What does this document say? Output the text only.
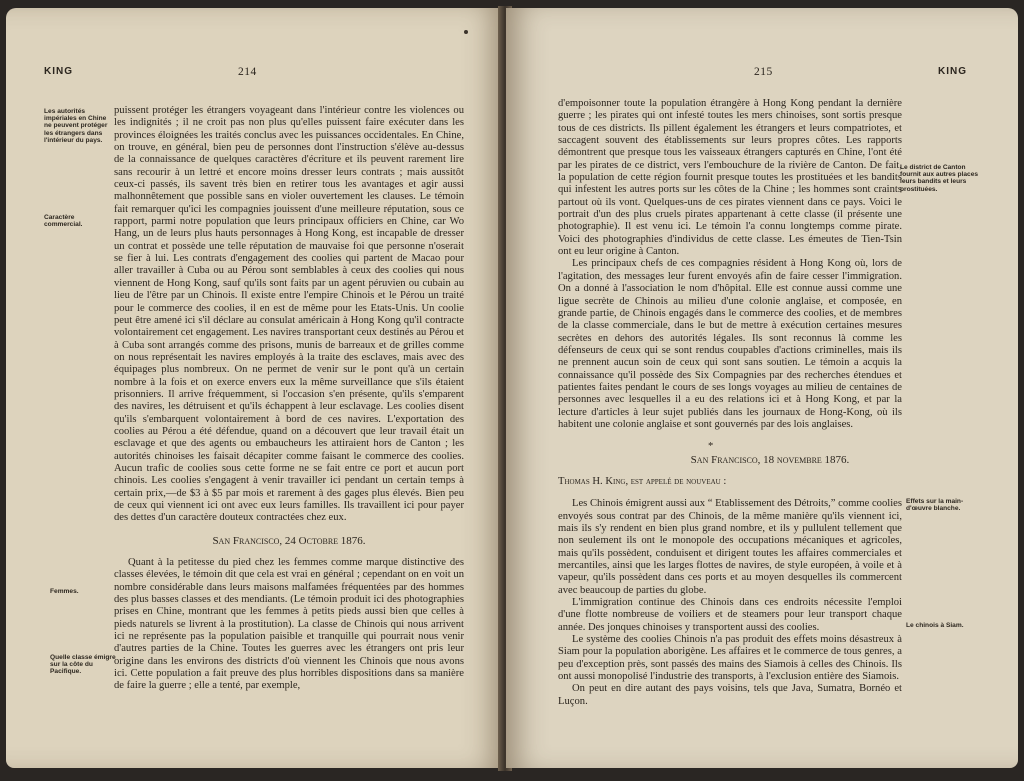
KING	214
Les autorités impériales en Chine ne peuvent protéger les étrangers dans l'intérieur du pays.
Caractère commercial.
Femmes.
Quelle classe émigre sur la côte du Pacifique.

puissent protéger les étrangers voyageant dans l'intérieur contre les violences ou les indignités ; il ne croit pas non plus qu'elles puissent faire exécuter dans les provinces éloignées les traités conclus avec les puissances occidentales. En Chine, on trouve, en général, bien peu de personnes dont l'instruction s'élève au-dessus de la connaissance de quelques caractères d'écriture et ils peuvent rarement lire sans recourir à un lettré et encore moins dresser leurs contrats ; mais aussitôt ceux-ci passés, ils savent très bien en retirer tous les avantages et agir aussi malhonnêtement que possible sans en violer ouvertement les clauses. Le témoin fait remarquer qu'ici les compagnies jouissent d'une meilleure réputation, sous ce rapport, parmi notre population que leurs principaux officiers en Chine, car Wo Hang, un de leurs plus hauts personnages à Hong Kong, est incapable de dresser un contrat et possède une telle réputation de mauvaise foi que personne n'oserait se fier à lui. Les contrats d'engagement des coolies qui partent de Macao pour aller travailler à Cuba ou au Pérou sont semblables à ceux des coolies qui nous viennent de Hong Kong, sauf qu'ils sont faits par un agent péruvien ou cubain au lieu de l'être par un Chinois. Il existe entre l'empire Chinois et le Pérou un traité pour le commerce des coolies, il en est de même pour les Etats-Unis. Un coolie peut être amené ici s'il déclare au consulat américain à Hong Kong qu'il contracte volontairement cet engagement. Les navires transportant ceux destinés au Pérou et à Cuba sont arrangés comme des prisons, munis de barreaux et de grilles comme on nous représentait les navires employés à la traite des esclaves, mais avec des équipages plus nombreux. On ne permet de venir sur le pont qu'à un certain nombre à la fois et on exerce envers eux la même surveillance que s'ils étaient prisonniers. Il arrive fréquemment, si l'occasion s'en présente, qu'ils s'emparent des navires, les détruisent et qu'ils échappent à leur esclavage. Les coolies disent qu'ils s'embarquent volontairement à bord de ces navires. L'exportation des coolies au Pérou a été défendue, quand on a découvert que leur travail était un esclavage et que des agents ou embaucheurs les attiraient hors de Canton ; les autorités chinoises les faisait décapiter comme faisant le commerce des coolies. Aucun trafic de coolies sous cette forme ne se fait entre ce port et aucun port chinois. Les coolies s'engagent à venir travailler ici pendant un certain temps à certain prix,—de $3 à $5 par mois et rarement à des gages plus élevés. Bien peu de ceux qui viennent ici ont avec eux leurs familles. Ils travaillent ici pour payer des dettes d'un caractère douteux contractées chez eux.

San Francisco, 24 Octobre 1876.

Quant à la petitesse du pied chez les femmes comme marque distinctive des classes élevées, le témoin dit que cela est vrai en général ; cependant on en voit un nombre considérable dans leurs maisons malfamées fréquentées par des hommes des plus basses classes et des mendiants. (Le témoin produit ici des photographies prises en Chine, montrant que les femmes à petits pieds aussi bien que celles à pieds naturels se livrent à la prostitution). La classe de Chinois qui nous arrivent ici ne représente pas la population paisible et tranquille qui pourrait nous venir d'autres parties de la Chine. Toutes les guerres avec les étrangers ont pris leur origine dans les environs des districts d'où viennent les Chinois que nous avons ici. Cette population a fait preuve des plus horribles dispositions dans sa manière de faire la guerre ; elle a tenté, par exemple,

215	KING
Le district de Canton fournit aux autres places leurs bandits et leurs prostituées.
Effets sur la main-d'œuvre blanche.
Le chinois à Siam.

d'empoisonner toute la population étrangère à Hong Kong pendant la dernière guerre ; les pirates qui ont infesté toutes les mers chinoises, sont sortis presque tous de ces districts. Ils pillent également les étrangers et leurs compatriotes, et saccagent souvent des établissements sur leurs propres côtes. Les rapports démontrent que presque tous les vaisseaux étrangers capturés en Chine, l'ont été par les pirates de ce district, vers l'embouchure de la rivière de Canton. De fait, la population de cette région fournit presque toutes les prostituées et les bandits qui infestent les autres ports sur les côtes de la Chine ; les hommes sont craints partout où ils vont. Quelques-uns de ces pirates viennent dans ce pays. Voici le portrait d'un des plus cruels pirates appartenant à cette classe (il présente une photographie). Il est venu ici. Le témoin l'a connu longtemps comme pirate. Voici des photographies d'individus de cette classe. Les émeutes de Tien-Tsin ont eu leur origine à Canton.

Les principaux chefs de ces compagnies résident à Hong Kong où, lors de l'agitation, des messages leur furent envoyés afin de faire cesser l'immigration. On a donné à l'association le nom d'hôpital. Elle est connue aussi comme une ligue secrète de Chinois au milieu d'une colonie anglaise, et composée, en grande partie, de Chinois engagés dans le commerce des coolies, et de membres de la classe commerciale, dans le but de mettre à exécution certaines mesures secrètes en dehors des autorités légales. Ils sont reconnus là comme les défenseurs de ceux qui se sont rendus coupables d'actions criminelles, mais ils ne prennent aucun soin de ceux qui sont sans soutien. Le témoin a acquis la connaissance qu'il possède des Six Compagnies par des recherches étendues et patientes faites pendant le cours de ses longs voyages au milieu de centaines de personnes avec lesquelles il a eu des relations ici et à Hong Kong, et par la lecture d'articles à leur sujet publiés dans les journaux de Hong-Kong, où ils habitent une colonie anglaise et sont gouvernés par des lois anglaises.

*
San Francisco, 18 novembre 1876.

Thomas H. King, est appelé de nouveau :

Les Chinois émigrent aussi aux “ Etablissement des Détroits,” comme coolies envoyés sous contrat par des Chinois, de la même manière qu'ils viennent ici, mais ils s'y rendent en bien plus grand nombre, et ils y pullulent tellement que non seulement ils ont le monopole des occupations mécaniques et agricoles, mais qu'ils possèdent, conduisent et dirigent toutes les affaires commerciales et mercantiles, ainsi que les larges flottes de navires, de style européen, à voile et à vapeur, qu'ils possèdent dans ces ports et au moyen desquelles ils commercent avec beaucoup de parties du globe.

L'immigration continue des Chinois dans ces endroits nécessite l'emploi d'une flotte nombreuse de voiliers et de steamers pour leur transport chaque année. Des jonques chinoises y transportent aussi des coolies.

Le système des coolies Chinois n'a pas produit des effets moins désastreux à Siam pour la population aborigène. Les affaires et le commerce de tous genres, a peu d'exception près, sont passés des mains des Siamois à celles des Chinois. Ils ont aussi monopolisé l'industrie des transports, à l'exclusion entière des Siamois.

On peut en dire autant des pays voisins, tels que Java, Sumatra, Bornéo et Luçon.
